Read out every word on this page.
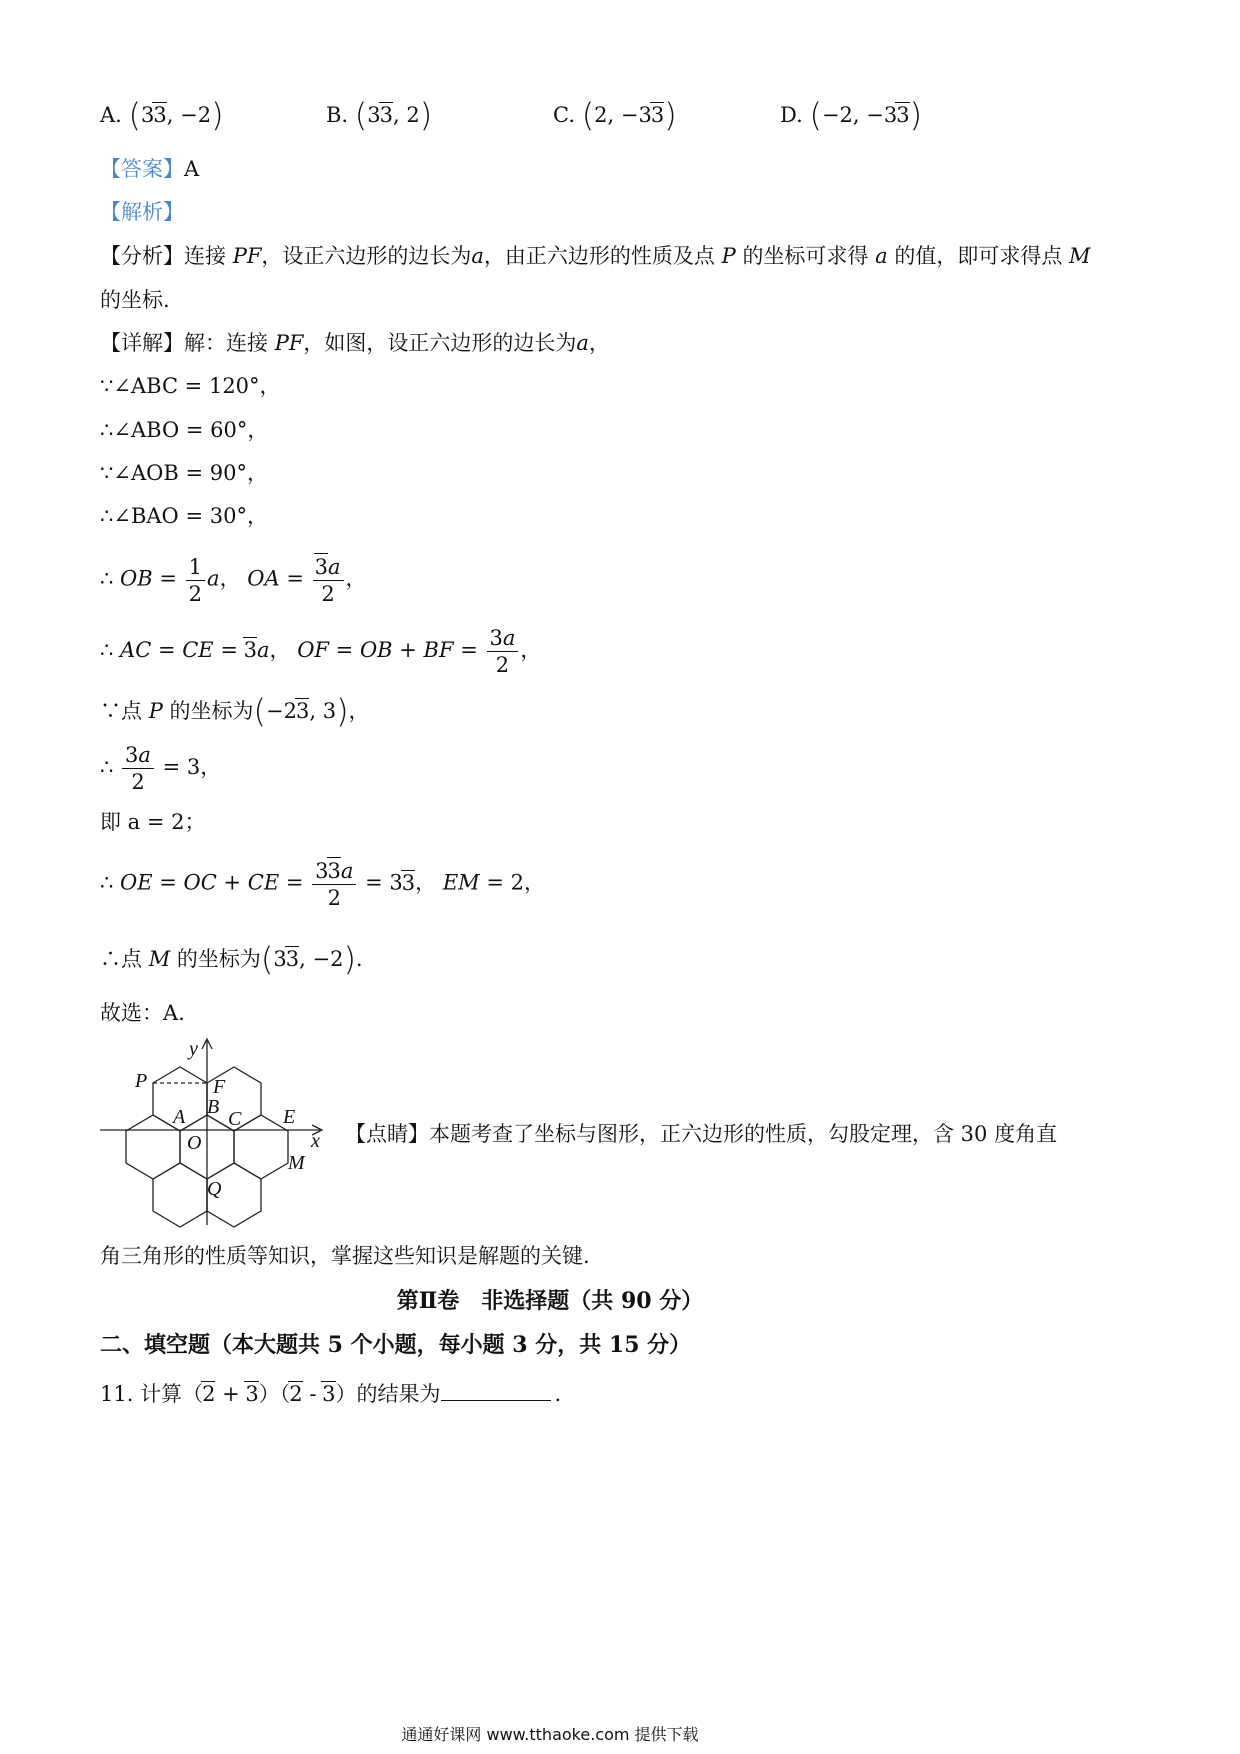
A. (33, −2)	B. (33, 2)	C. (2, −33)	D. (−2, −33)
【答案】A
【解析】
【分析】连接 PF，设正六边形的边长为a，由正六边形的性质及点 P 的坐标可求得 a 的值，即可求得点 M
的坐标.
【详解】解：连接 PF，如图，设正六边形的边长为a，
∵∠ABC = 120°，
∴∠ABO = 60°，
∵∠AOB = 90°，
∴∠BAO = 30°，
∴ OB = $\frac{1}{2}$ a， OA = $\frac{3a}{2}$ ，
∴ AC = CE = 3a， OF = OB + BF = $\frac{3a}{2}$ ，
∵点 P 的坐标为(−23, 3)，
∴ $\frac{3a}{2} = 3$，
即 a = 2；
∴ OE = OC + CE = $\frac{33a}{2} = 33$， EM = 2，
∴点 M 的坐标为(33, −2).
故选：A.
y
x
P	F
B
A C E
O
M
Q
【点睛】本题考查了坐标与图形，正六边形的性质，勾股定理，含 30 度角直
角三角形的性质等知识，掌握这些知识是解题的关键.
第Ⅱ卷　非选择题（共 90 分）
二、填空题（本大题共 5 个小题，每小题 3 分，共 15 分）
11. 计算（2 + 3）（2 - 3）的结果为	.
通通好课网 www.tthaoke.com 提供下载
